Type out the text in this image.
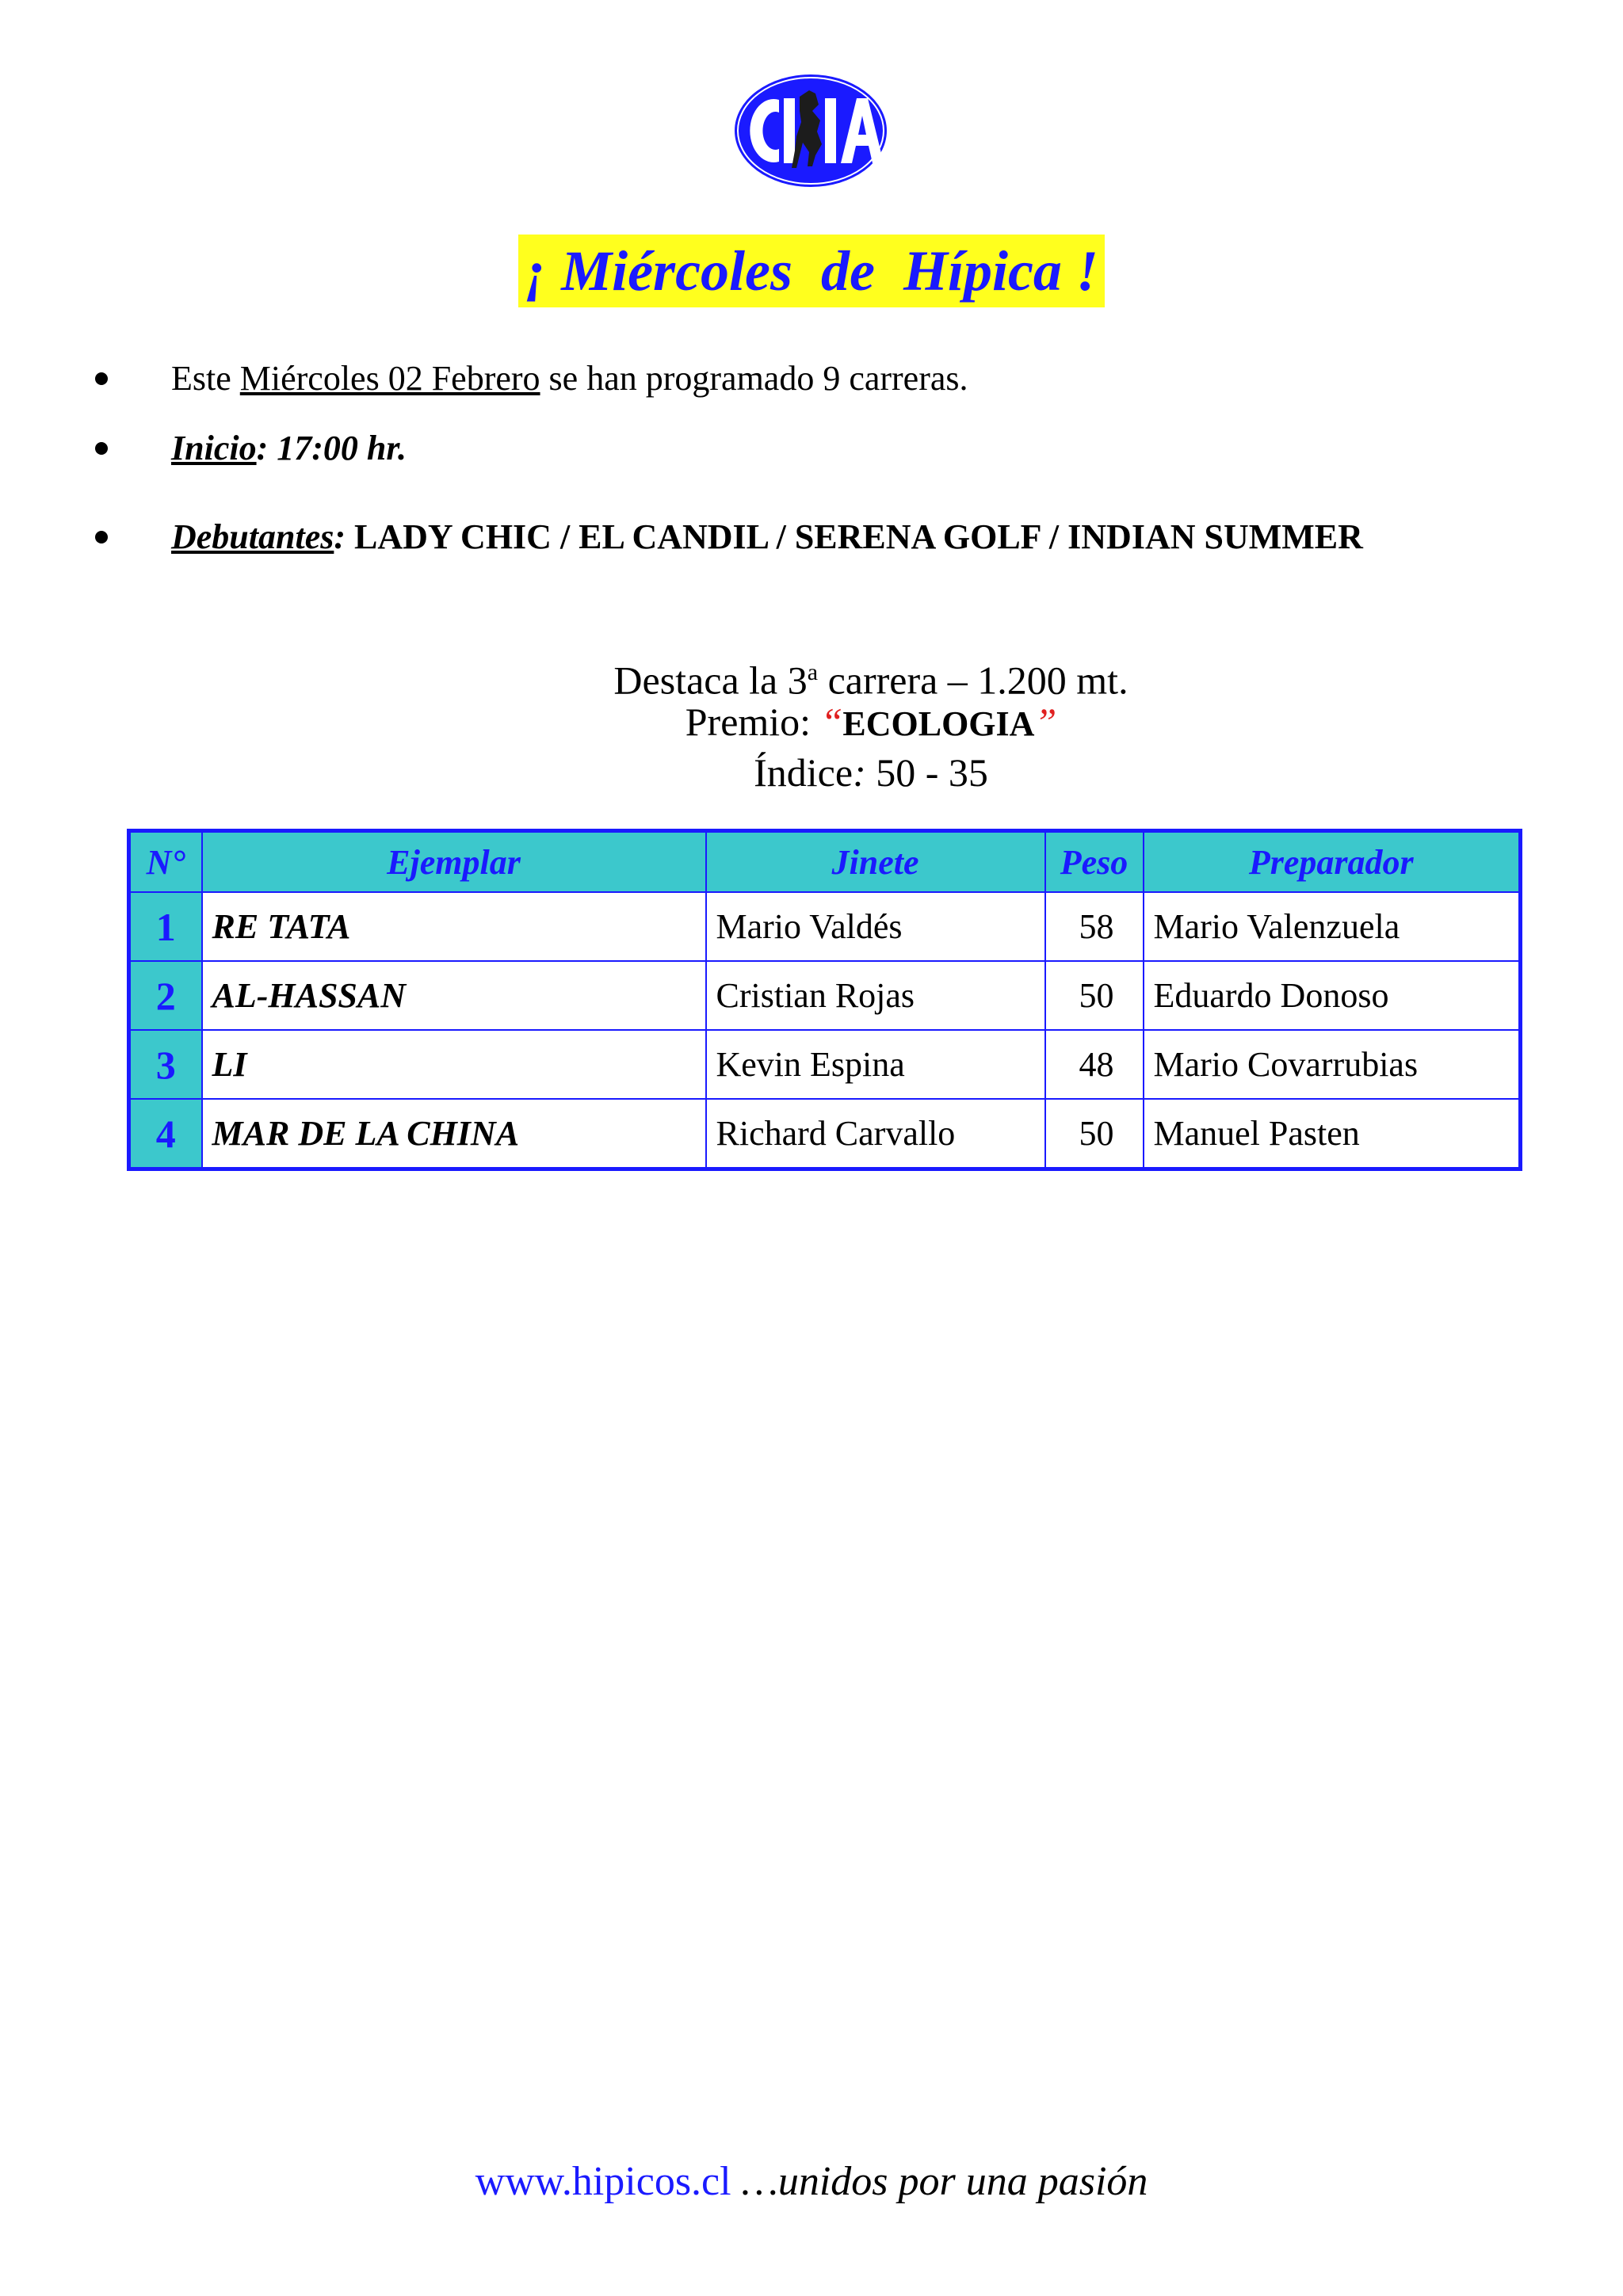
¡ Miércoles  de  Hípica !
Este Miércoles 02 Febrero se han programado 9 carreras.
Inicio: 17:00 hr.
Debutantes: LADY CHIC / EL CANDIL / SERENA GOLF / INDIAN SUMMER
Destaca la 3$^a$ carrera – 1.200 mt.
Premio: “ECOLOGIA”
Índice: 50 - 35
N°	Ejemplar	Jinete	Peso	Preparador
1	RE TATA	Mario Valdés	58	Mario Valenzuela
2	AL-HASSAN	Cristian Rojas	50	Eduardo Donoso
3	LI	Kevin Espina	48	Mario Covarrubias
4	MAR DE LA CHINA	Richard Carvallo	50	Manuel Pasten
www.hipicos.cl …unidos por una pasión
